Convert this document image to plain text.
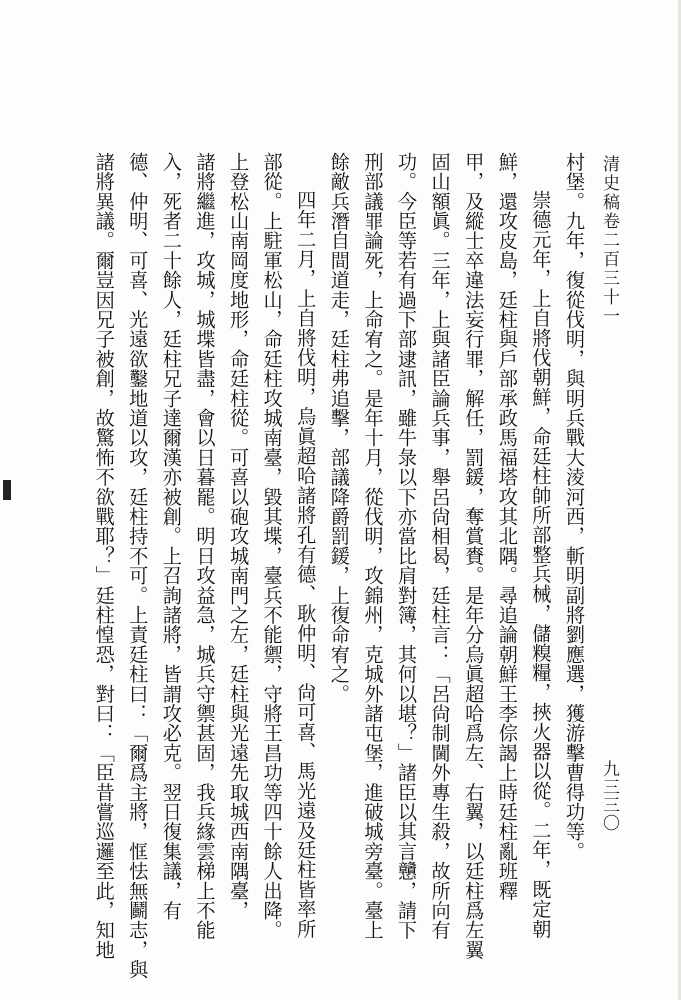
清史稿卷二百三十一
九三三〇
村堡。九年，復從伐明，與明兵戰大淩河西，斬明副將劉應選，獲游擊曹得功等。
崇德元年，上自將伐朝鮮，命廷柱帥所部整兵械，儲糗糧，挾火器以從。二年，既定朝
鮮，還攻皮島，廷柱與戶部承政馬福塔攻其北隅。尋追論朝鮮王李倧謁上時廷柱亂班釋
甲，及縱士卒違法妄行罪，解任，罰鍰，奪賞賚。是年分烏眞超哈爲左、右翼，以廷柱爲左翼
固山額眞。三年，上與諸臣論兵事，舉呂尙相曷，廷柱言：「呂尙制閫外專生殺，故所向有
功。今臣等若有過下部逮訊，雖牛彔以下亦當比肩對簿，其何以堪？」諸臣以其言戇，請下
刑部議罪論死，上命宥之。是年十月，從伐明，攻錦州，克城外諸屯堡，進破城旁臺。臺上
餘敵兵潛自間道走，廷柱弗追擊，部議降爵罰鍰，上復命宥之。
四年二月，上自將伐明，烏眞超哈諸將孔有德、耿仲明、尙可喜、馬光遠及廷柱皆率所
部從。上駐軍松山，命廷柱攻城南臺，毀其堞，臺兵不能禦，守將王昌功等四十餘人出降。
上登松山南岡度地形，命廷柱從。可喜以砲攻城南門之左，廷柱與光遠先取城西南隅臺，
諸將繼進，攻城，城堞皆盡，會以日暮罷。明日攻益急，城兵守禦甚固，我兵緣雲梯上不能
入，死者二十餘人，廷柱兄子達爾漢亦被創。上召詢諸將，皆謂攻必克。翌日復集議，有
德、仲明、可喜、光遠欲鑿地道以攻，廷柱持不可。上責廷柱曰：「爾爲主將，恇怯無鬬志，與
諸將異議。爾豈因兄子被創，故驚怖不欲戰耶？」廷柱惶恐，對曰：「臣昔嘗巡邏至此，知地
